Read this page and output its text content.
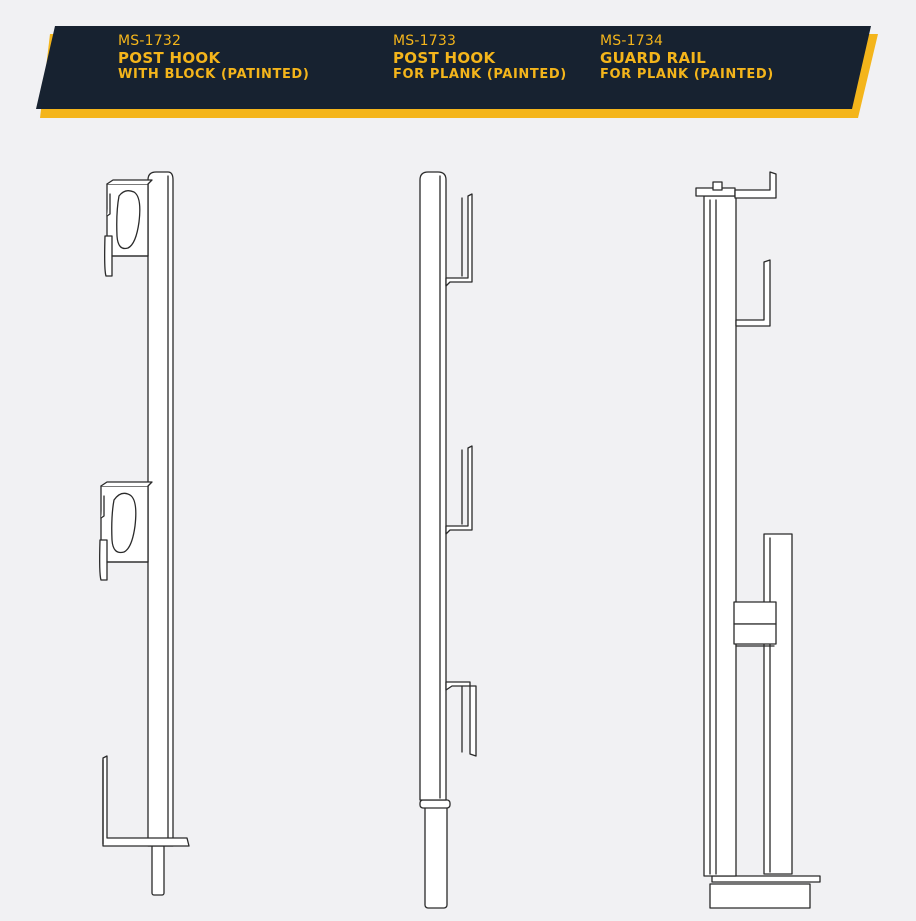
MS-1732
POST HOOK
WITH BLOCK (PATINTED)
MS-1733
POST HOOK
FOR PLANK (PAINTED)
MS-1734
GUARD RAIL
FOR PLANK (PAINTED)
